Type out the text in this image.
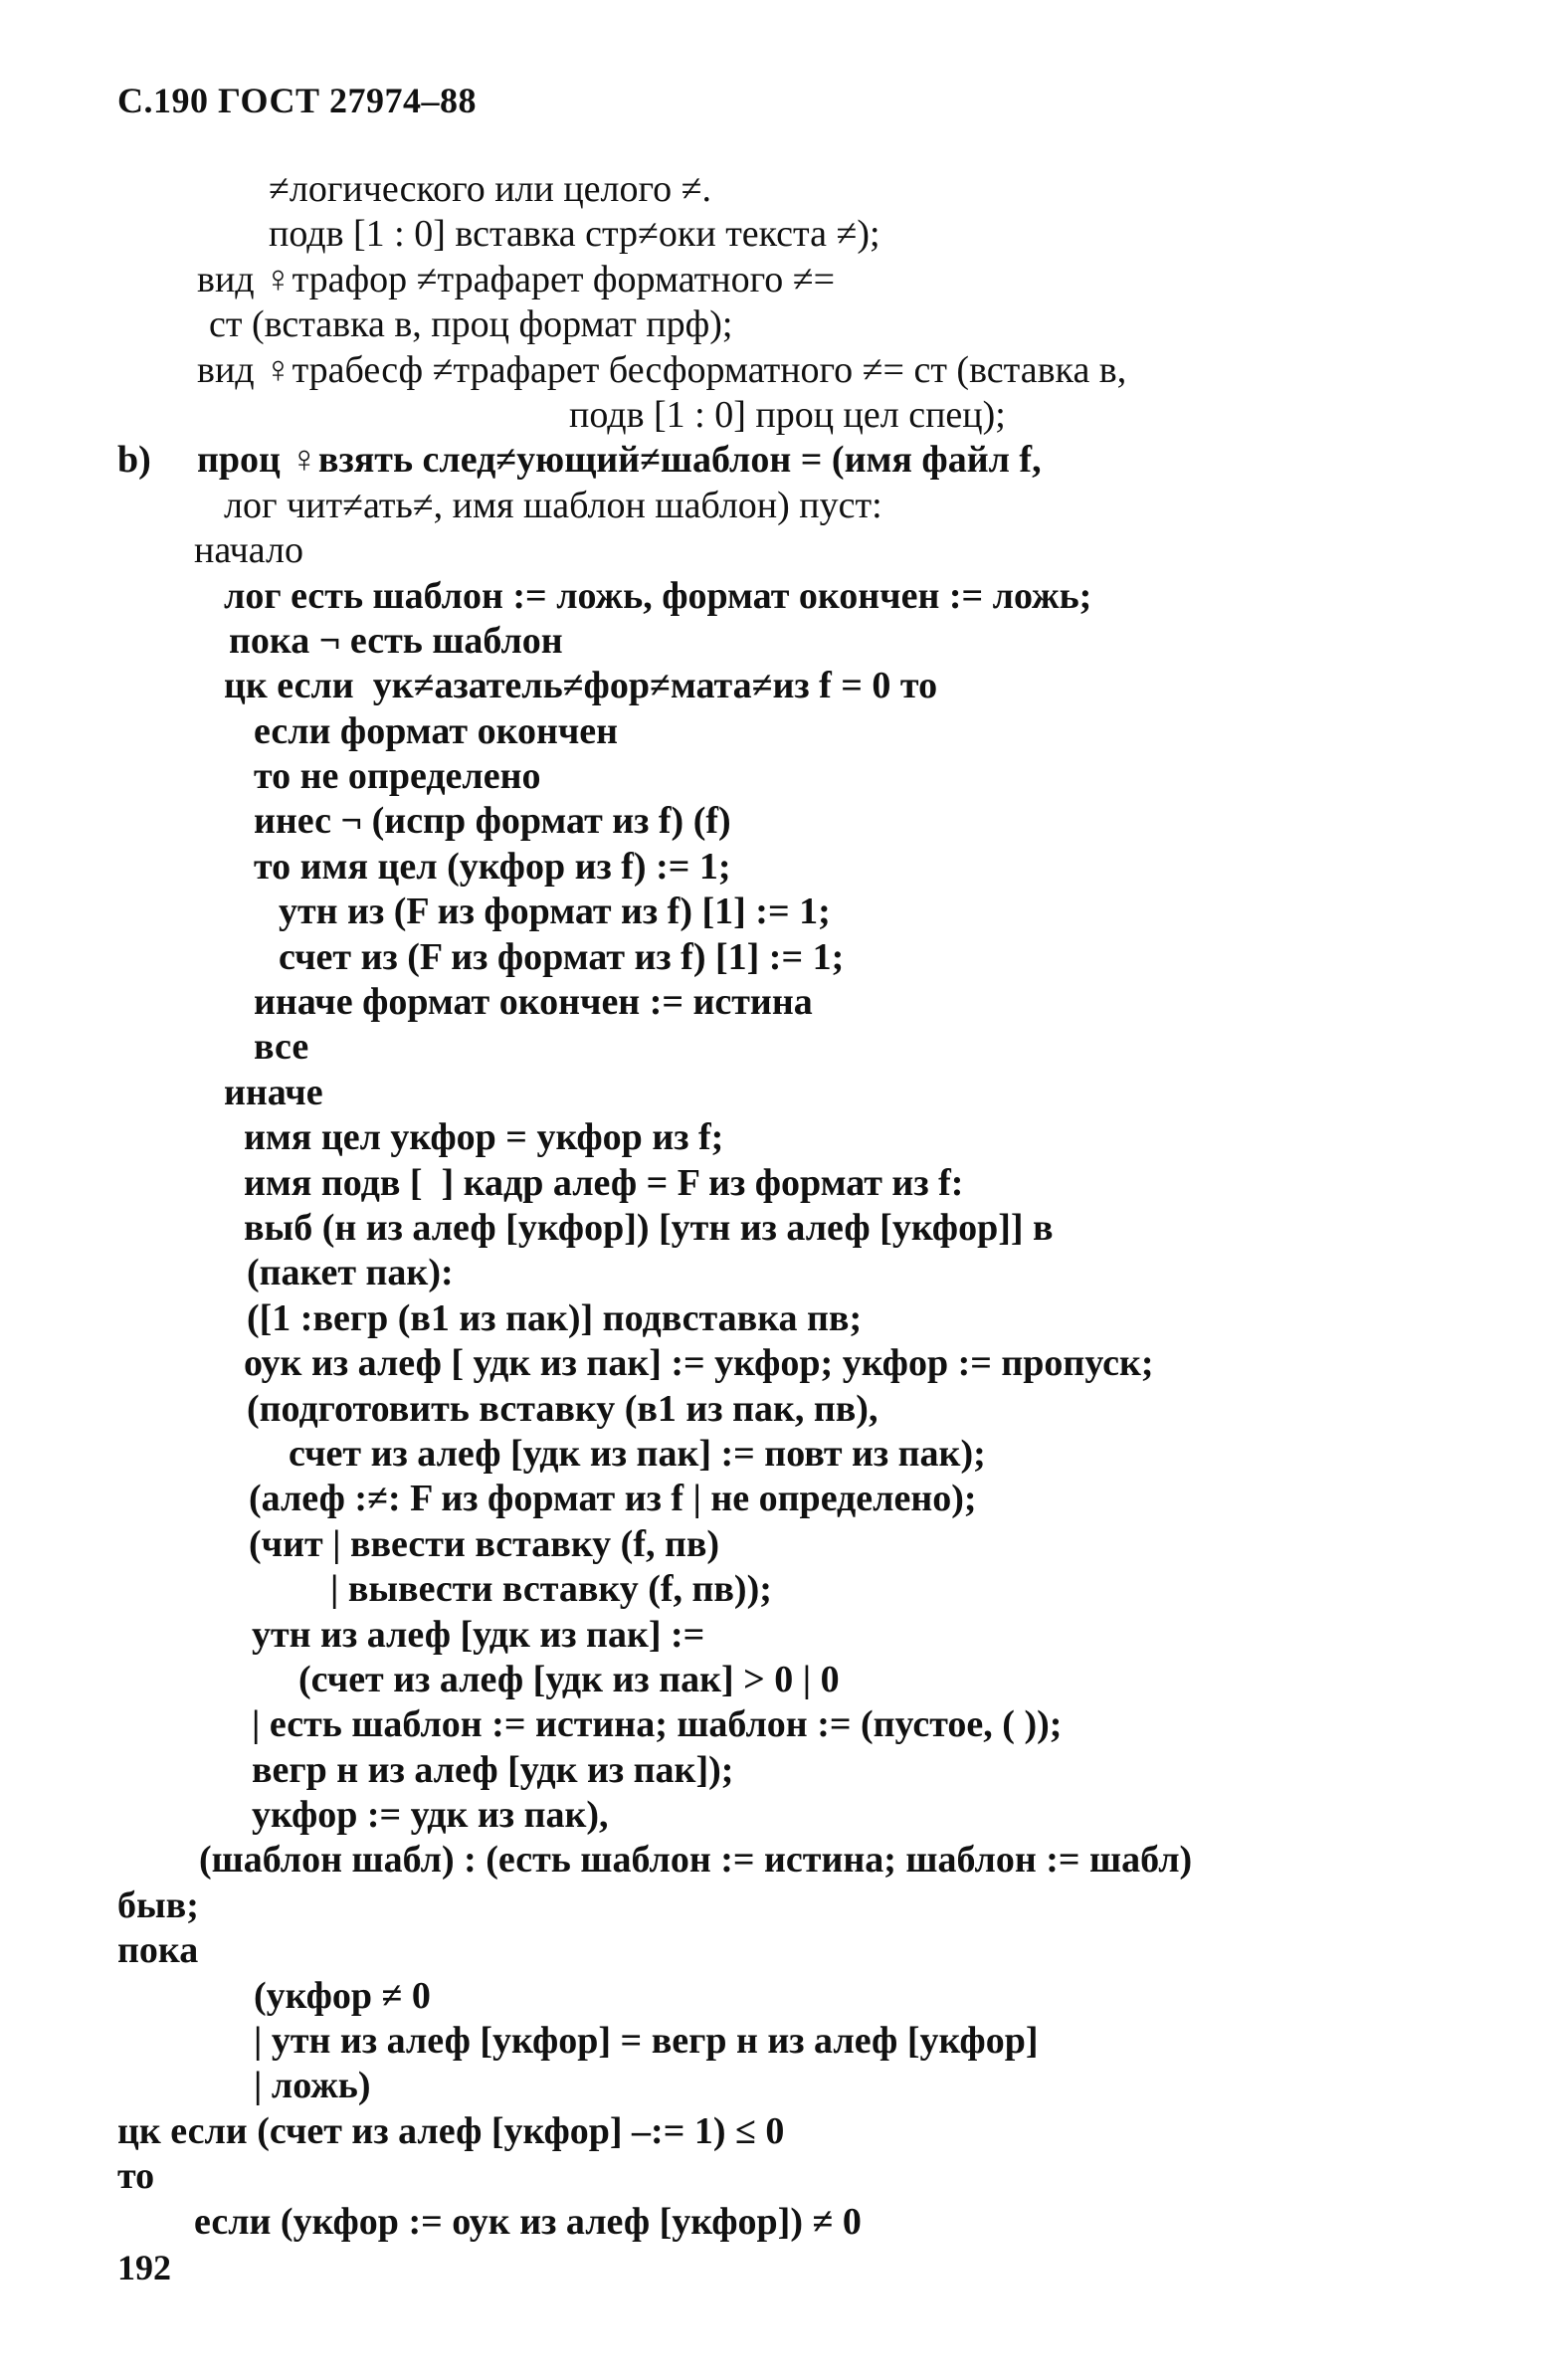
С.190 ГОСТ 27974–88
≠логического или целого ≠.
подв [1 : 0] вставка стр≠оки текста ≠);
вид ♀трафор ≠трафарет форматного ≠=
ст (вставка в, проц формат прф);
вид ♀трабесф ≠трафарет бесформатного ≠= ст (вставка в,
подв [1 : 0] проц цел спец);
b) проц ♀взять след≠ующий≠шаблон = (имя файл f,
лог чит≠ать≠, имя шаблон шаблон) пуст:
начало
лог есть шаблон := ложь, формат окончен := ложь;
пока ¬ есть шаблон
цк если  ук≠азатель≠фор≠мата≠из f = 0 то
если формат окончен
то не определено
инес ¬ (испр формат из f) (f)
то имя цел (укфор из f) := 1;
утн из (F из формат из f) [1] := 1;
счет из (F из формат из f) [1] := 1;
иначе формат окончен := истина
все
иначе
имя цел укфор = укфор из f;
имя подв [  ] кадр алеф = F из формат из f:
выб (н из алеф [укфор]) [утн из алеф [укфор]] в
(пакет пак):
([1 :вегр (в1 из пак)] подвставка пв;
оук из алеф [ удк из пак] := укфор; укфор := пропуск;
(подготовить вставку (в1 из пак, пв),
счет из алеф [удк из пак] := повт из пак);
(алеф :≠: F из формат из f | не определено);
(чит | ввести вставку (f, пв)
| вывести вставку (f, пв));
утн из алеф [удк из пак] :=
(счет из алеф [удк из пак] > 0 | 0
| есть шаблон := истина; шаблон := (пустое, ( ));
вегр н из алеф [удк из пак]);
укфор := удк из пак),
(шаблон шабл) : (есть шаблон := истина; шаблон := шабл)
быв;
пока
(укфор ≠ 0
| утн из алеф [укфор] = вегр н из алеф [укфор]
| ложь)
цк если (счет из алеф [укфор] –:= 1) ≤ 0
то
если (укфор := оук из алеф [укфор]) ≠ 0
192
